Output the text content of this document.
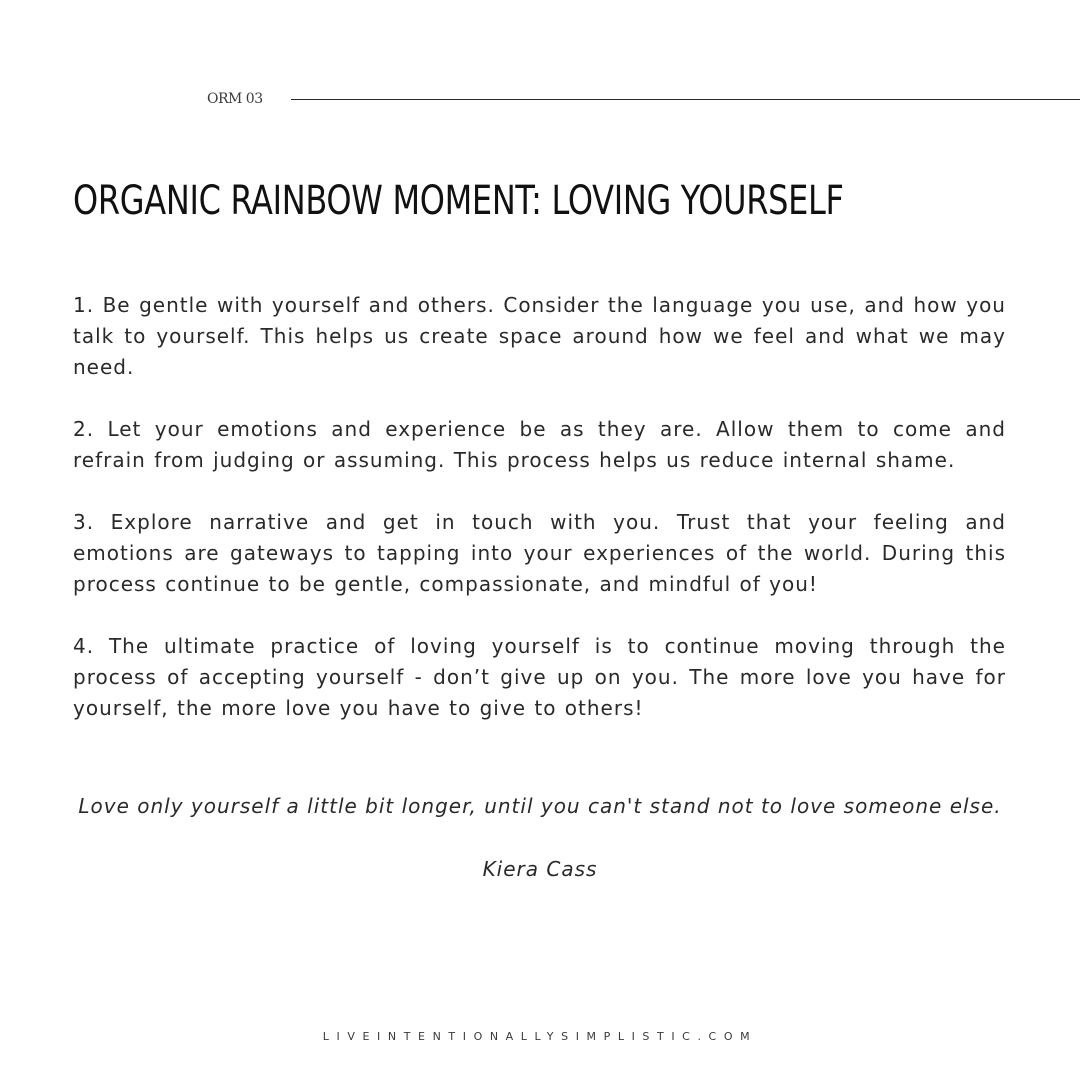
ORM 03
ORGANIC RAINBOW MOMENT: LOVING YOURSELF

1. Be gentle with yourself and others. Consider the language you use, and how you talk to yourself. This helps us create space around how we feel and what we may need.

2. Let your emotions and experience be as they are. Allow them to come and refrain from judging or assuming. This process helps us reduce internal shame.

3. Explore narrative and get in touch with you. Trust that your feeling and emotions are gateways to tapping into your experiences of the world. During this process continue to be gentle, compassionate, and mindful of you!

4. The ultimate practice of loving yourself is to continue moving through the process of accepting yourself - don’t give up on you. The more love you have for yourself, the more love you have to give to others!

Love only yourself a little bit longer, until you can't stand not to love someone else.
Kiera Cass
LIVEINTENTIONALLYSIMPLISTIC.COM
